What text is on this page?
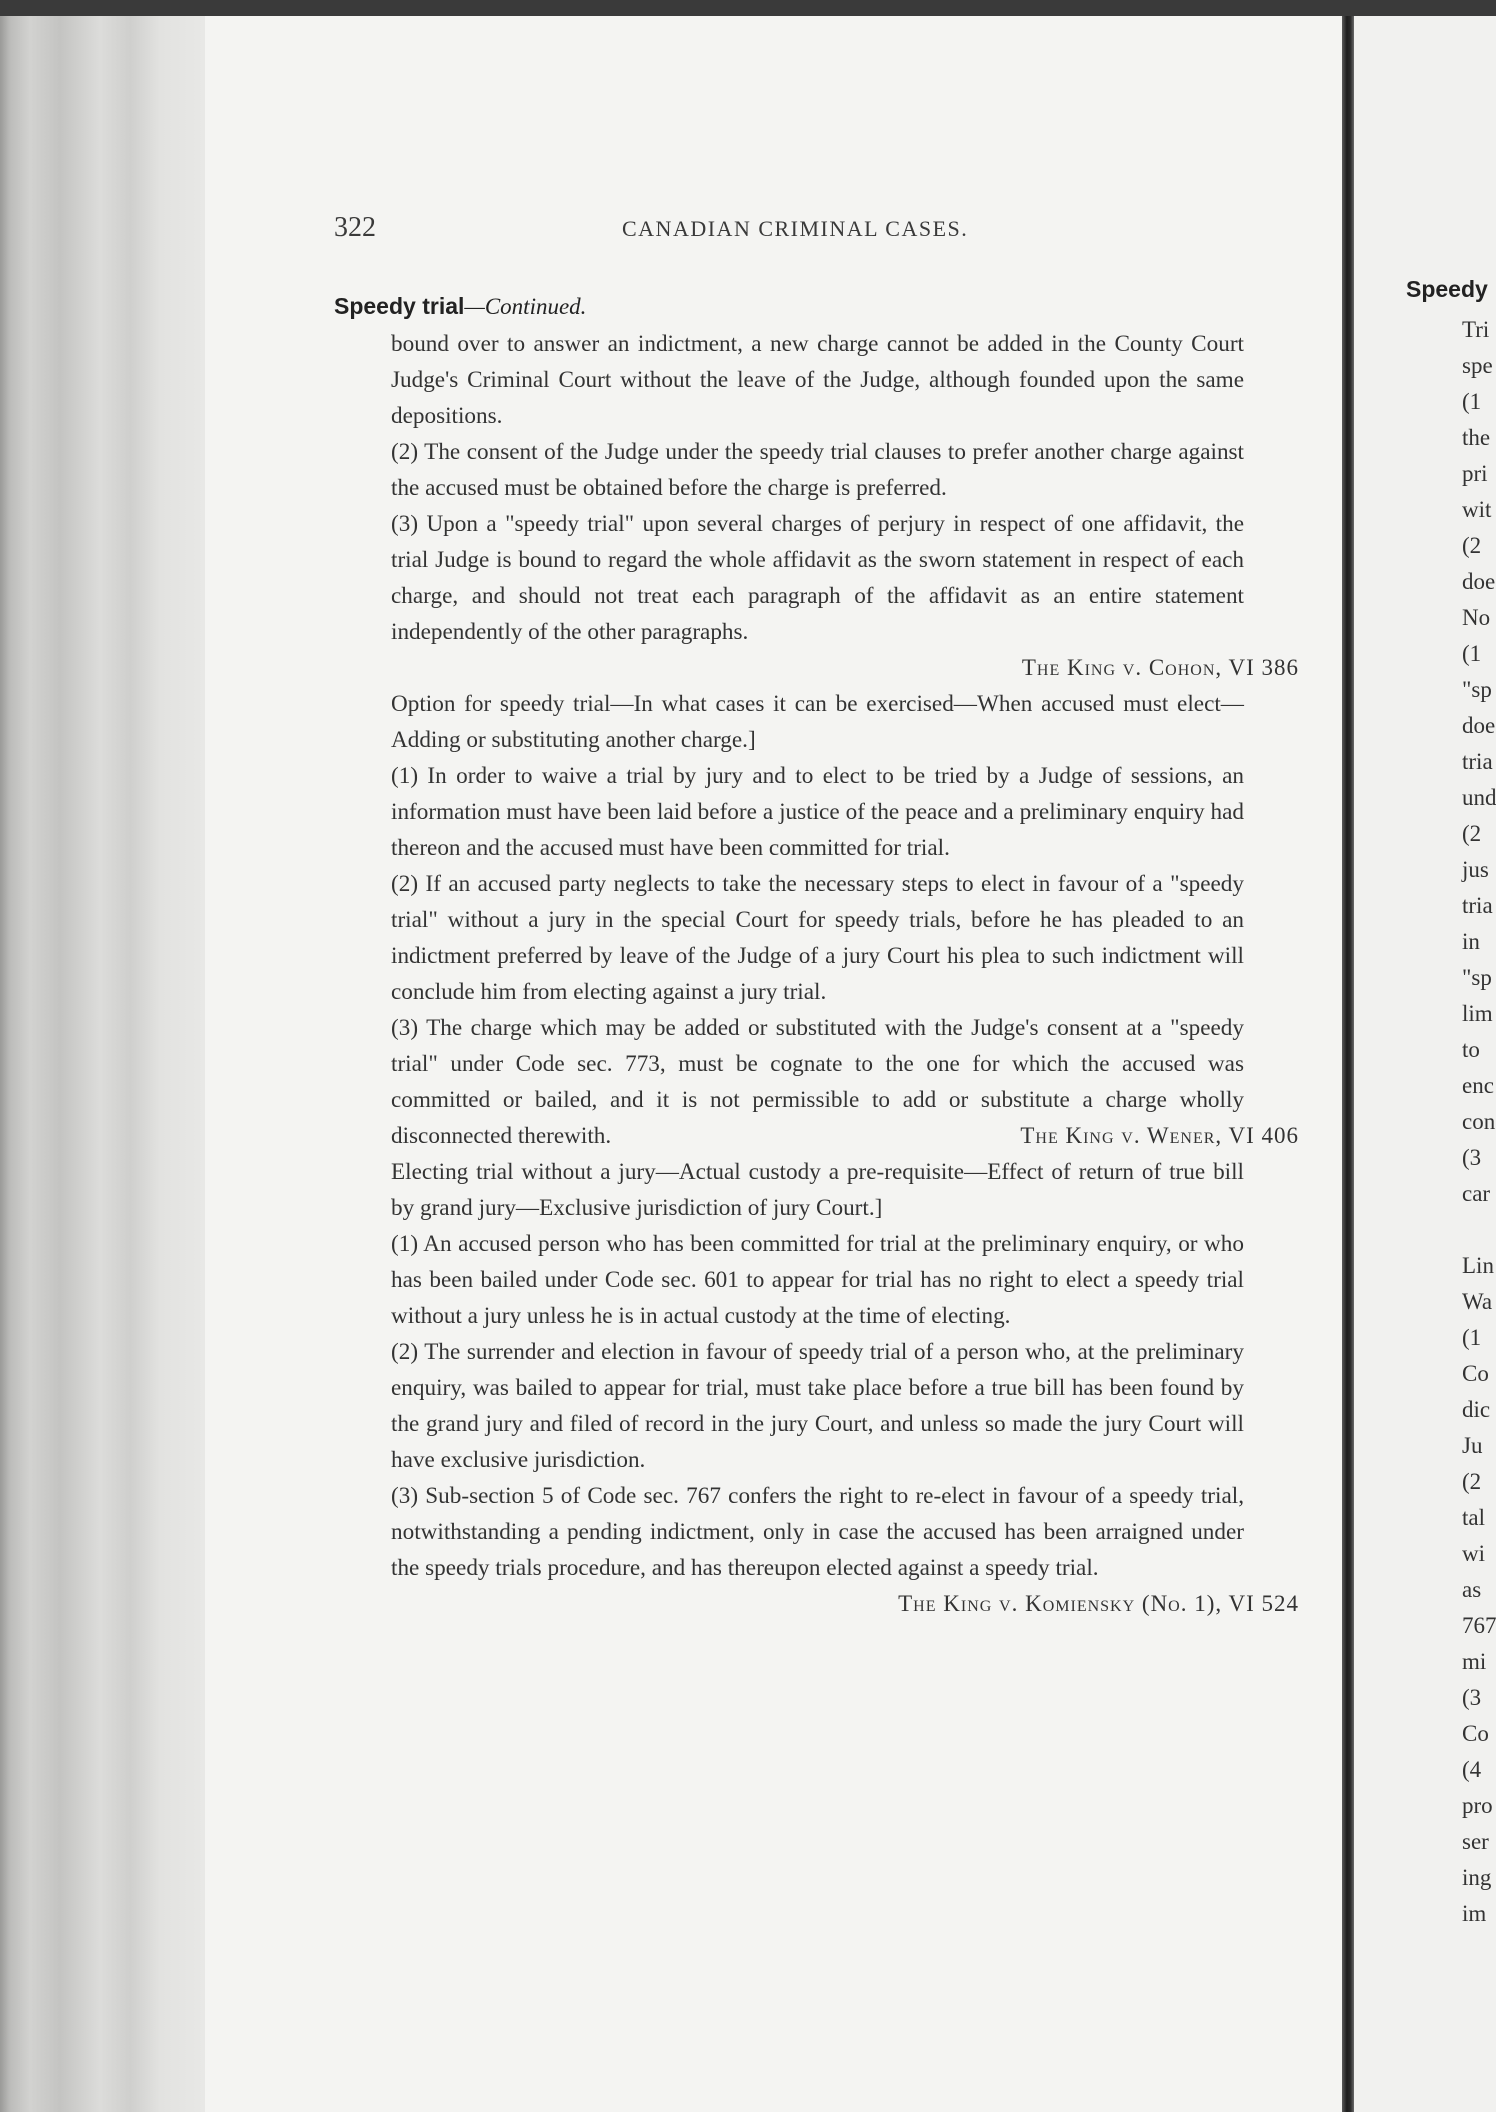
322	CANADIAN CRIMINAL CASES.
Speedy trial—Continued.
bound over to answer an indictment, a new charge cannot be added in the County Court Judge's Criminal Court without the leave of the Judge, although founded upon the same depositions.
(2) The consent of the Judge under the speedy trial clauses to prefer another charge against the accused must be obtained before the charge is preferred.
(3) Upon a "speedy trial" upon several charges of perjury in respect of one affidavit, the trial Judge is bound to regard the whole affidavit as the sworn statement in respect of each charge, and should not treat each paragraph of the affidavit as an entire statement independently of the other paragraphs.
The King v. Cohon, VI 386
Option for speedy trial—In what cases it can be exercised—When accused must elect—Adding or substituting another charge.]
(1) In order to waive a trial by jury and to elect to be tried by a Judge of sessions, an information must have been laid before a justice of the peace and a preliminary enquiry had thereon and the accused must have been committed for trial.
(2) If an accused party neglects to take the necessary steps to elect in favour of a "speedy trial" without a jury in the special Court for speedy trials, before he has pleaded to an indictment preferred by leave of the Judge of a jury Court his plea to such indictment will conclude him from electing against a jury trial.
(3) The charge which may be added or substituted with the Judge's consent at a "speedy trial" under Code sec. 773, must be cognate to the one for which the accused was committed or bailed, and it is not permissible to add or substitute a charge wholly disconnected therewith.	The King v. Wener, VI 406
Electing trial without a jury—Actual custody a pre-requisite—Effect of return of true bill by grand jury—Exclusive jurisdiction of jury Court.]
(1) An accused person who has been committed for trial at the preliminary enquiry, or who has been bailed under Code sec. 601 to appear for trial has no right to elect a speedy trial without a jury unless he is in actual custody at the time of electing.
(2) The surrender and election in favour of speedy trial of a person who, at the preliminary enquiry, was bailed to appear for trial, must take place before a true bill has been found by the grand jury and filed of record in the jury Court, and unless so made the jury Court will have exclusive jurisdiction.
(3) Sub-section 5 of Code sec. 767 confers the right to re-elect in favour of a speedy trial, notwithstanding a pending indictment, only in case the accused has been arraigned under the speedy trials procedure, and has thereupon elected against a speedy trial.
The King v. Komiensky (No. 1), VI 524
Speedy
Tri
spe
(1
the
pri
wit
(2
doe
No
(1
"sp
doe
tria
und
(2
jus
tria
in
"sp
lim
to
enc
con
(3
car
Lin
Wa
(1
Co
dic
Ju
(2
tal
wi
as
767
mi
(3
Co
(4
pro
ser
ing
im
